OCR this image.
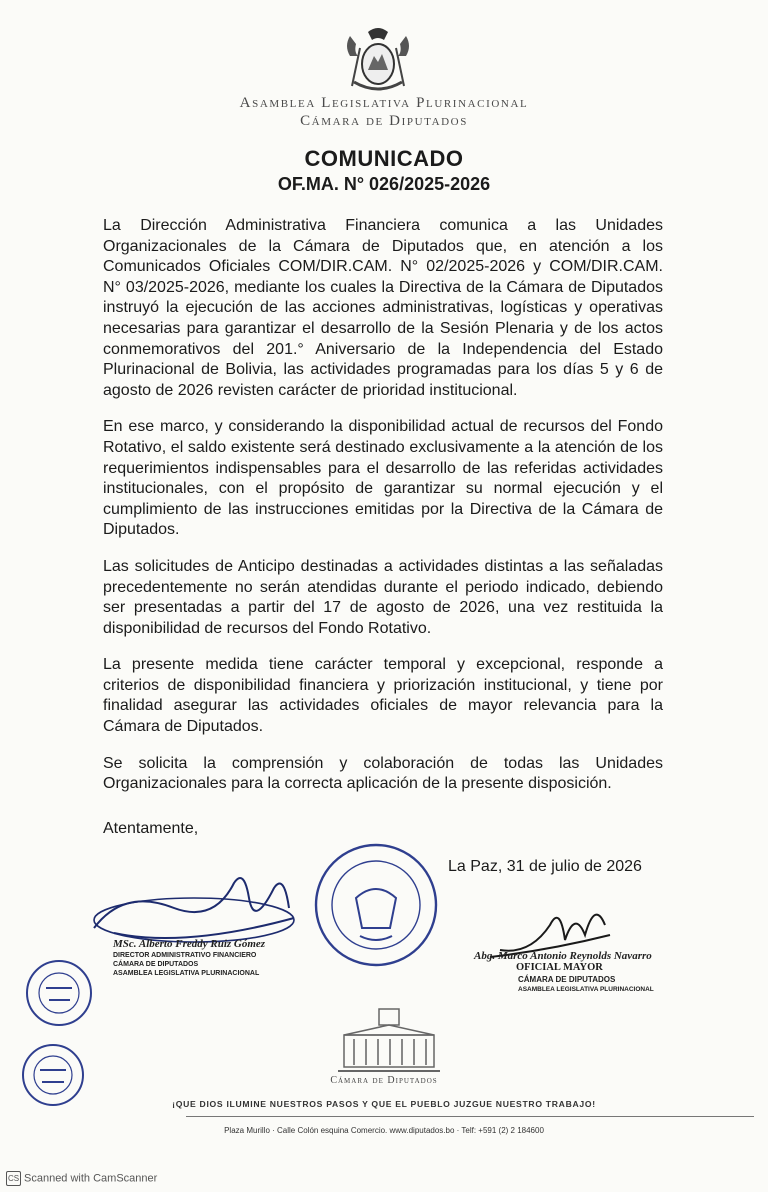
Asamblea Legislativa Plurinacional
Cámara de Diputados
COMUNICADO
OF.MA. N° 026/2025-2026

La Dirección Administrativa Financiera comunica a las Unidades Organizacionales de la Cámara de Diputados que, en atención a los Comunicados Oficiales COM/DIR.CAM. N° 02/2025-2026 y COM/DIR.CAM. N° 03/2025-2026, mediante los cuales la Directiva de la Cámara de Diputados instruyó la ejecución de las acciones administrativas, logísticas y operativas necesarias para garantizar el desarrollo de la Sesión Plenaria y de los actos conmemorativos del 201.° Aniversario de la Independencia del Estado Plurinacional de Bolivia, las actividades programadas para los días 5 y 6 de agosto de 2026 revisten carácter de prioridad institucional.

En ese marco, y considerando la disponibilidad actual de recursos del Fondo Rotativo, el saldo existente será destinado exclusivamente a la atención de los requerimientos indispensables para el desarrollo de las referidas actividades institucionales, con el propósito de garantizar su normal ejecución y el cumplimiento de las instrucciones emitidas por la Directiva de la Cámara de Diputados.

Las solicitudes de Anticipo destinadas a actividades distintas a las señaladas precedentemente no serán atendidas durante el periodo indicado, debiendo ser presentadas a partir del 17 de agosto de 2026, una vez restituida la disponibilidad de recursos del Fondo Rotativo.

La presente medida tiene carácter temporal y excepcional, responde a criterios de disponibilidad financiera y priorización institucional, y tiene por finalidad asegurar las actividades oficiales de mayor relevancia para la Cámara de Diputados.

Se solicita la comprensión y colaboración de todas las Unidades Organizacionales para la correcta aplicación de la presente disposición.

Atentamente,
La Paz, 31 de julio de 2026
MSc. Alberto Freddy Ruiz Gómez
DIRECTOR ADMINISTRATIVO FINANCIERO
CÁMARA DE DIPUTADOS
ASAMBLEA LEGISLATIVA PLURINACIONAL
Abg. Marco Antonio Reynolds Navarro
OFICIAL MAYOR
CÁMARA DE DIPUTADOS
ASAMBLEA LEGISLATIVA PLURINACIONAL
Cámara de Diputados
¡QUE DIOS ILUMINE NUESTROS PASOS Y QUE EL PUEBLO JUZGUE NUESTRO TRABAJO!
Plaza Murillo · Calle Colón esquina Comercio. www.diputados.bo · Telf: +591 (2) 2 184600
CS Scanned with CamScanner
